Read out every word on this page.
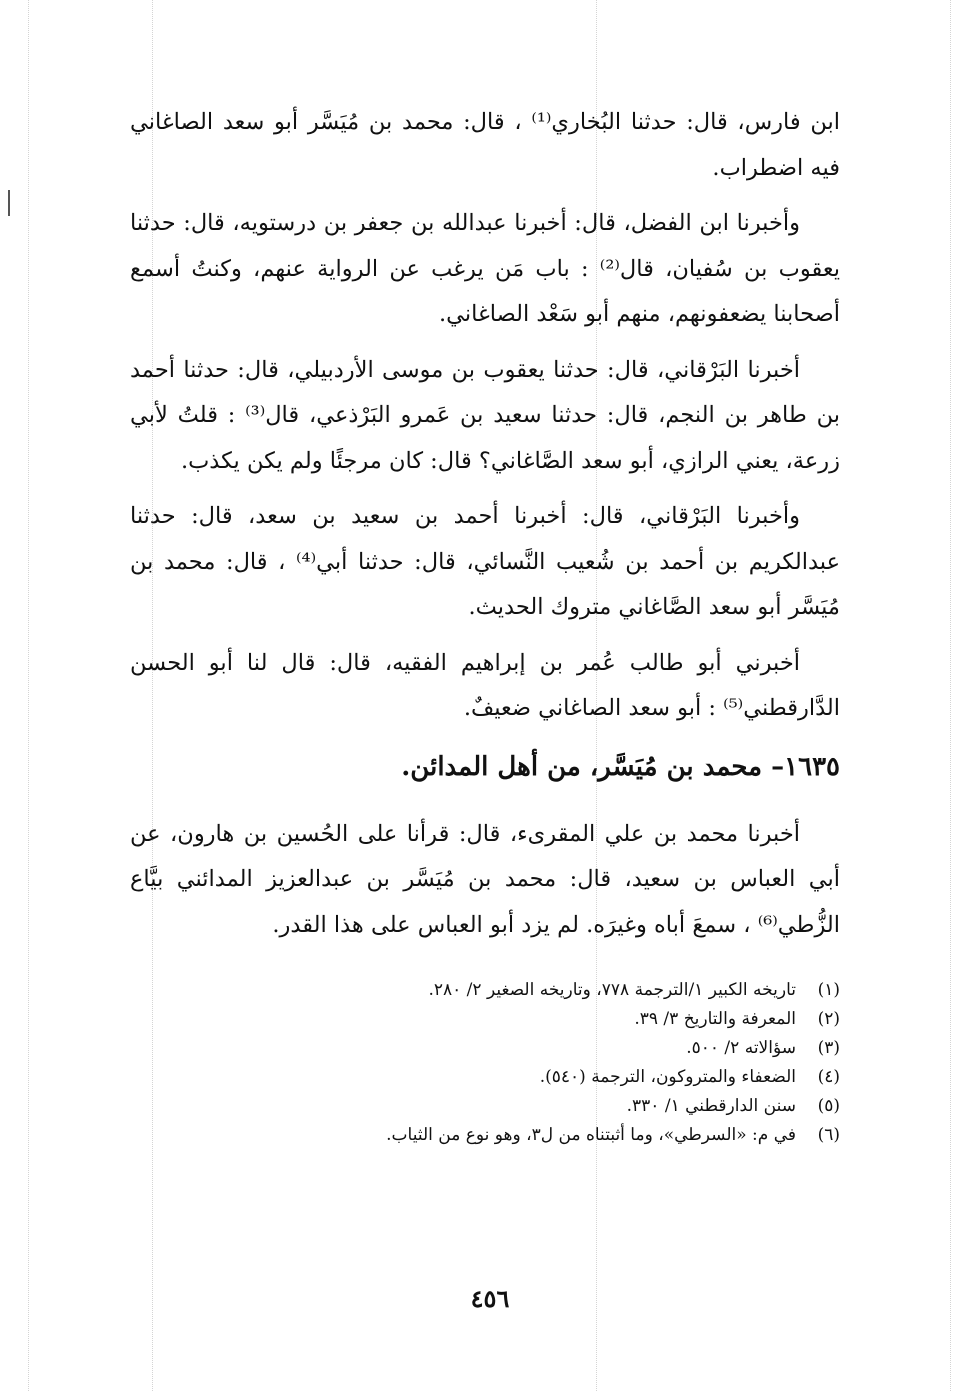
ابن فارس، قال: حدثنا البُخاري⁽¹⁾ ، قال: محمد بن مُيَسَّر أبو سعد الصاغاني فيه اضطراب.

وأخبرنا ابن الفضل، قال: أخبرنا عبدالله بن جعفر بن درستويه، قال: حدثنا يعقوب بن سُفيان، قال⁽²⁾ : باب مَن يرغب عن الرواية عنهم، وكنتُ أسمع أصحابنا يضعفونهم، منهم أبو سَعْد الصاغاني.

أخبرنا البَرْقاني، قال: حدثنا يعقوب بن موسى الأردبيلي، قال: حدثنا أحمد بن طاهر بن النجم، قال: حدثنا سعيد بن عَمرو البَرْذعي، قال⁽³⁾ : قلتُ لأبي زرعة، يعني الرازي، أبو سعد الصَّاغاني؟ قال: كان مرجئًا ولم يكن يكذب.

وأخبرنا البَرْقاني، قال: أخبرنا أحمد بن سعيد بن سعد، قال: حدثنا عبدالكريم بن أحمد بن شُعيب النَّسائي، قال: حدثنا أبي⁽⁴⁾ ، قال: محمد بن مُيَسَّر أبو سعد الصَّاغاني متروك الحديث.

أخبرني أبو طالب عُمر بن إبراهيم الفقيه، قال: قال لنا أبو الحسن الدَّارقطني⁽⁵⁾ : أبو سعد الصاغاني ضعيفٌ.

١٦٣٥– محمد بن مُيَسَّر، من أهل المدائن.

أخبرنا محمد بن علي المقرىء، قال: قرأنا على الحُسين بن هارون، عن أبي العباس بن سعيد، قال: محمد بن مُيَسَّر بن عبدالعزيز المدائني بيَّاع الزُّطي⁽⁶⁾ ، سمعَ أباه وغيرَه. لم يزد أبو العباس على هذا القدر.

(١)
تاريخه الكبير ١/الترجمة ٧٧٨، وتاريخه الصغير ٢/ ٢٨٠.
(٢)
المعرفة والتاريخ ٣/ ٣٩.
(٣)
سؤالاته ٢/ ٥٠٠.
(٤)
الضعفاء والمتروكون، الترجمة (٥٤٠).
(٥)
سنن الدارقطني ١/ ٣٣٠.
(٦)
في م: «السرطي»، وما أثبتناه من ل٣، وهو نوع من الثياب.
٤٥٦
